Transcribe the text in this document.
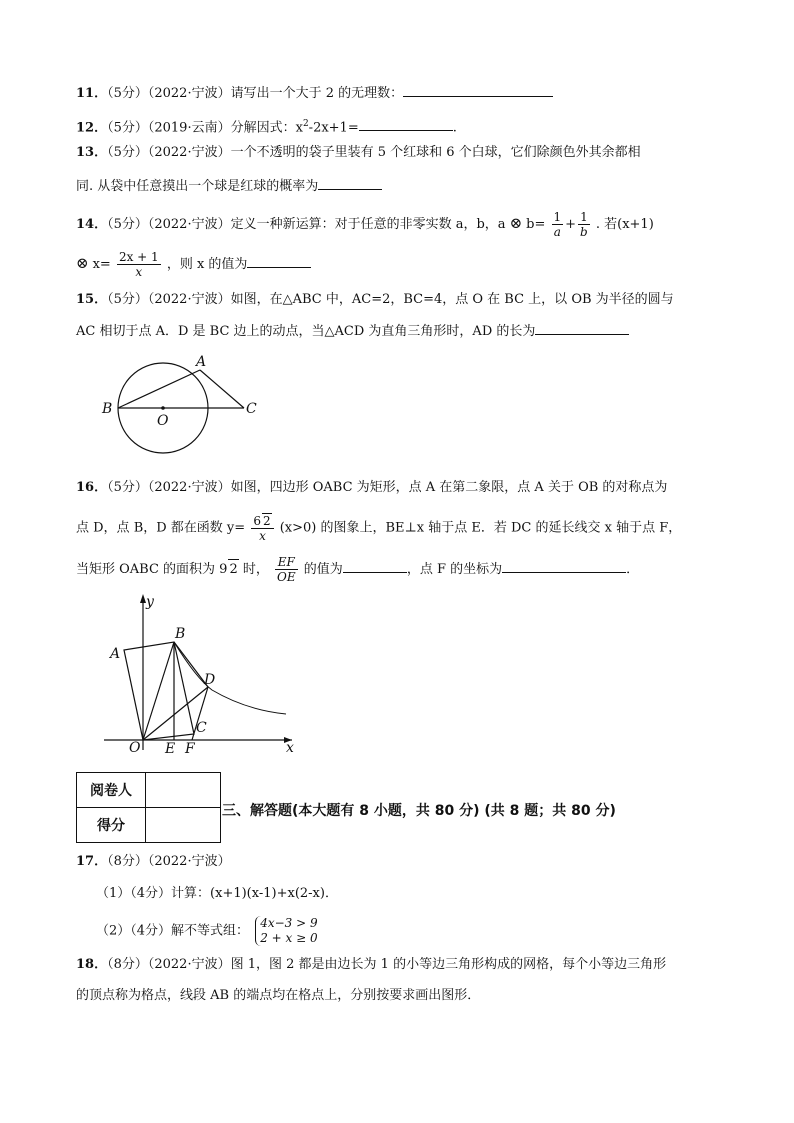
11．（5分）（2022·宁波）请写出一个大于 2 的无理数：
12．（5分）（2019·云南）分解因式：$x^2-2x+1=$	.
13．（5分）（2022·宁波）一个不透明的袋子里装有 5 个红球和 6 个白球，它们除颜色外其余都相
同. 从袋中任意摸出一个球是红球的概率为
14．（5分）（2022·宁波）定义一种新运算：对于任意的非零实数 a，b，a ⊗ $b= \frac{1}{a} + \frac{1}{b}$ . 若(x+1)
⊗ $x= \frac{2x + 1}{x}$ ，则 x 的值为
15．（5分）（2022·宁波）如图，在△ABC 中，AC=2，BC=4，点 O 在 BC 上，以 OB 为半径的圆与
AC 相切于点 A．D 是 BC 边上的动点，当△ACD 为直角三角形时，AD 的长为
A
B
O
C
16．（5分）（2022·宁波）如图，四边形 OABC 为矩形，点 A 在第二象限，点 A 关于 OB 的对称点为
点 D，点 B，D 都在函数 $y= \frac{6 2}{x} (x>0)$ 的图象上，BE⊥x 轴于点 E．若 DC 的延长线交 x 轴于点 F，
当矩形 OABC 的面积为 9 2 时， $\frac{EF}{OE}$ 的值为	，点 F 的坐标为	．
y
x
A
B
D
C
O E F
阅卷人	
得分	
三、解答题(本大题有 8 小题，共 80 分) (共 8 题；共 80 分)
17．（8分）（2022·宁波）
（1）（4分）计算：(x+1)(x-1)+x(2-x)．
（2）（4分）解不等式组：
4x−3 > 9
2 + x ≥ 0
18．（8分）（2022·宁波）图 1，图 2 都是由边长为 1 的小等边三角形构成的网格，每个小等边三角形
的顶点称为格点，线段 AB 的端点均在格点上，分别按要求画出图形．
